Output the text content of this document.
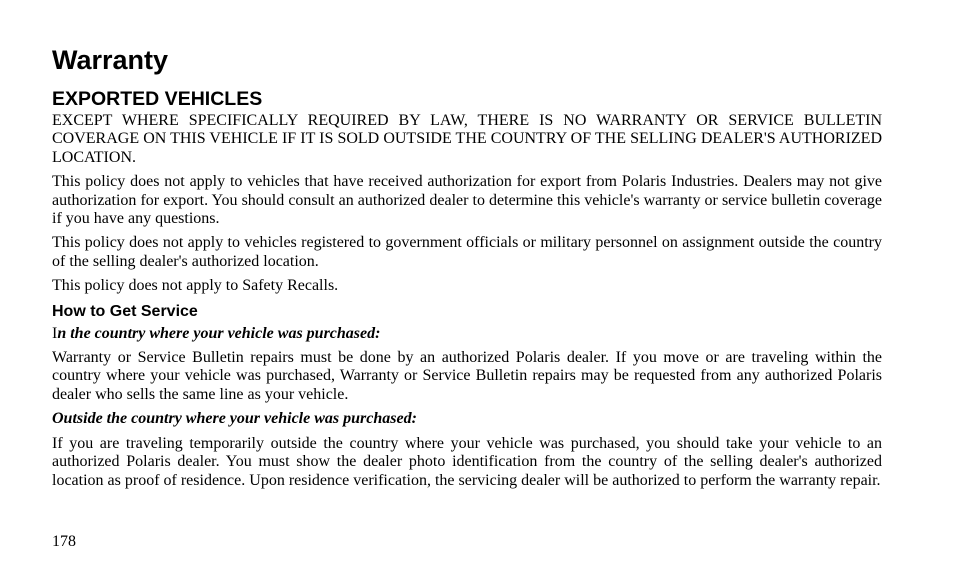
Warranty
EXPORTED VEHICLES

EXCEPT WHERE SPECIFICALLY REQUIRED BY LAW, THERE IS NO WARRANTY OR SERVICE BULLETIN COVERAGE ON THIS VEHICLE IF IT IS SOLD OUTSIDE THE COUNTRY OF THE SELLING DEALER'S AUTHORIZED LOCATION.

This policy does not apply to vehicles that have received authorization for export from Polaris Industries. Dealers may not give authorization for export. You should consult an authorized dealer to determine this vehicle's warranty or service bulletin coverage if you have any questions.

This policy does not apply to vehicles registered to government officials or military personnel on assignment outside the country of the selling dealer's authorized location.

This policy does not apply to Safety Recalls.

How to Get Service

In the country where your vehicle was purchased:

Warranty or Service Bulletin repairs must be done by an authorized Polaris dealer. If you move or are traveling within the country where your vehicle was purchased, Warranty or Service Bulletin repairs may be requested from any authorized Polaris dealer who sells the same line as your vehicle.

Outside the country where your vehicle was purchased:

If you are traveling temporarily outside the country where your vehicle was purchased, you should take your vehicle to an authorized Polaris dealer. You must show the dealer photo identification from the country of the selling dealer's authorized location as proof of residence. Upon residence verification, the servicing dealer will be authorized to perform the warranty repair.

178
